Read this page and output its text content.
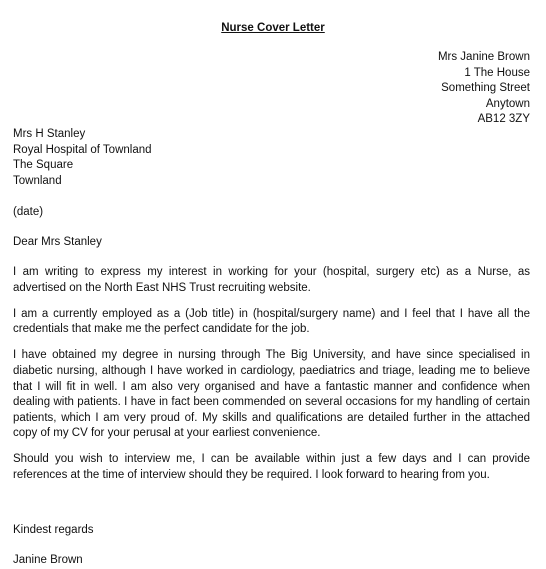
Nurse Cover Letter
Mrs Janine Brown
1 The House
Something Street
Anytown
AB12 3ZY
Mrs H Stanley
Royal Hospital of Townland
The Square
Townland
(date)
Dear Mrs Stanley

I am writing to express my interest in working for your (hospital, surgery etc) as a Nurse, as advertised on the North East NHS Trust recruiting website.

I am a currently employed as a (Job title) in (hospital/surgery name) and I feel that I have all the credentials that make me the perfect candidate for the job.

I have obtained my degree in nursing through The Big University, and have since specialised in diabetic nursing, although I have worked in cardiology, paediatrics and triage, leading me to believe that I will fit in well. I am also very organised and have a fantastic manner and confidence when dealing with patients. I have in fact been commended on several occasions for my handling of certain patients, which I am very proud of. My skills and qualifications are detailed further in the attached copy of my CV for your perusal at your earliest convenience.

Should you wish to interview me, I can be available within just a few days and I can provide references at the time of interview should they be required. I look forward to hearing from you.

Kindest regards
Janine Brown
